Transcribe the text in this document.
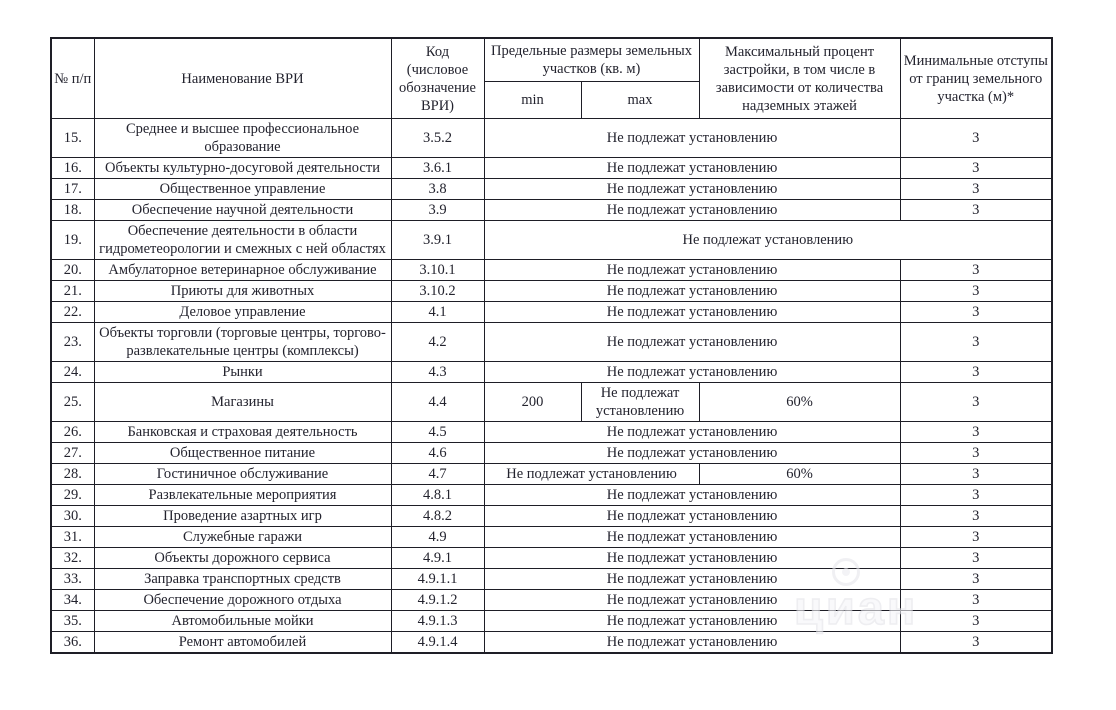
№ п/п	Наименование ВРИ	Код (числовое обозначение ВРИ)	Предельные размеры земельных участков (кв. м)		Максимальный процент застройки, в том числе в зависимости от количества надземных этажей	Минимальные отступы от границ земельного участка (м)*
			min	max		
15.	Среднее и высшее профессиональное образование	3.5.2	Не подлежат установлению			3
16.	Объекты культурно-досуговой деятельности	3.6.1	Не подлежат установлению			3
17.	Общественное управление	3.8	Не подлежат установлению			3
18.	Обеспечение научной деятельности	3.9	Не подлежат установлению			3
19.	Обеспечение деятельности в области гидрометеорологии и смежных с ней областях	3.9.1	Не подлежат установлению			
20.	Амбулаторное ветеринарное обслуживание	3.10.1	Не подлежат установлению			3
21.	Приюты для животных	3.10.2	Не подлежат установлению			3
22.	Деловое управление	4.1	Не подлежат установлению			3
23.	Объекты торговли (торговые центры, торгово-развлекательные центры (комплексы)	4.2	Не подлежат установлению			3
24.	Рынки	4.3	Не подлежат установлению			3
25.	Магазины	4.4	200	Не подлежат установлению	60%	3
26.	Банковская и страховая деятельность	4.5	Не подлежат установлению			3
27.	Общественное питание	4.6	Не подлежат установлению			3
28.	Гостиничное обслуживание	4.7	Не подлежат установлению		60%	3
29.	Развлекательные мероприятия	4.8.1	Не подлежат установлению			3
30.	Проведение азартных игр	4.8.2	Не подлежат установлению			3
31.	Служебные гаражи	4.9	Не подлежат установлению			3
32.	Объекты дорожного сервиса	4.9.1	Не подлежат установлению			3
33.	Заправка транспортных средств	4.9.1.1	Не подлежат установлению			3
34.	Обеспечение дорожного отдыха	4.9.1.2	Не подлежат установлению			3
35.	Автомобильные мойки	4.9.1.3	Не подлежат установлению			3
36.	Ремонт автомобилей	4.9.1.4	Не подлежат установлению			3
циан
